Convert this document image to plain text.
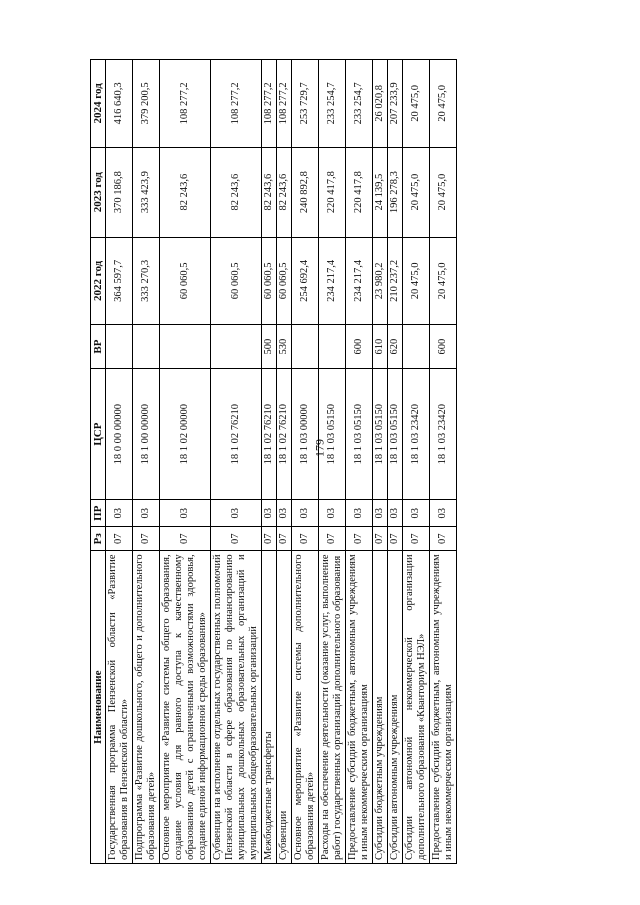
179
Наименование	Рз	ПР	ЦСР	ВР	2022 год	2023 год	2024 год
Государственная программа Пензенской области «Развитие образования в Пензенской области»	07	03	18 0 00 00000		364 597,7	370 186,8	416 640,3
Подпрограмма «Развитие дошкольного, общего и дополнительного образования детей»	07	03	18 1 00 00000		333 270,3	333 423,9	379 200,5
Основное мероприятие «Развитие системы общего образования, создание условия для равного доступа к качественному образованию детей с ограниченными возможностями здоровья, создание единой информационной среды образования»	07	03	18 1 02 00000		60 060,5	82 243,6	108 277,2
Субвенции на исполнение отдельных государственных полномочий Пензенской области в сфере образования по финансированию муниципальных дошкольных образовательных организаций и муниципальных общеобразовательных организаций	07	03	18 1 02 76210		60 060,5	82 243,6	108 277,2
Межбюджетные трансферты	07	03	18 1 02 76210	500	60 060,5	82 243,6	108 277,2
Субвенции	07	03	18 1 02 76210	530	60 060,5	82 243,6	108 277,2
Основное мероприятие «Развитие системы дополнительного образования детей»	07	03	18 1 03 00000		254 692,4	240 892,8	253 729,7
Расходы на обеспечение деятельности (оказание услуг, выполнение работ) государственных организаций дополнительного образования	07	03	18 1 03 05150		234 217,4	220 417,8	233 254,7
Предоставление субсидий бюджетным, автономным учреждениям и иным некоммерческим организациям	07	03	18 1 03 05150	600	234 217,4	220 417,8	233 254,7
Субсидии бюджетным учреждениям	07	03	18 1 03 05150	610	23 980,2	24 139,5	26 020,8
Субсидии автономным учреждениям	07	03	18 1 03 05150	620	210 237,2	196 278,3	207 233,9
Субсидии автономной некоммерческой организации дополнительного образования «Кванториум НЭЛ»	07	03	18 1 03 23420		20 475,0	20 475,0	20 475,0
Предоставление субсидий бюджетным, автономным учреждениям и иным некоммерческим организациям	07	03	18 1 03 23420	600	20 475,0	20 475,0	20 475,0
